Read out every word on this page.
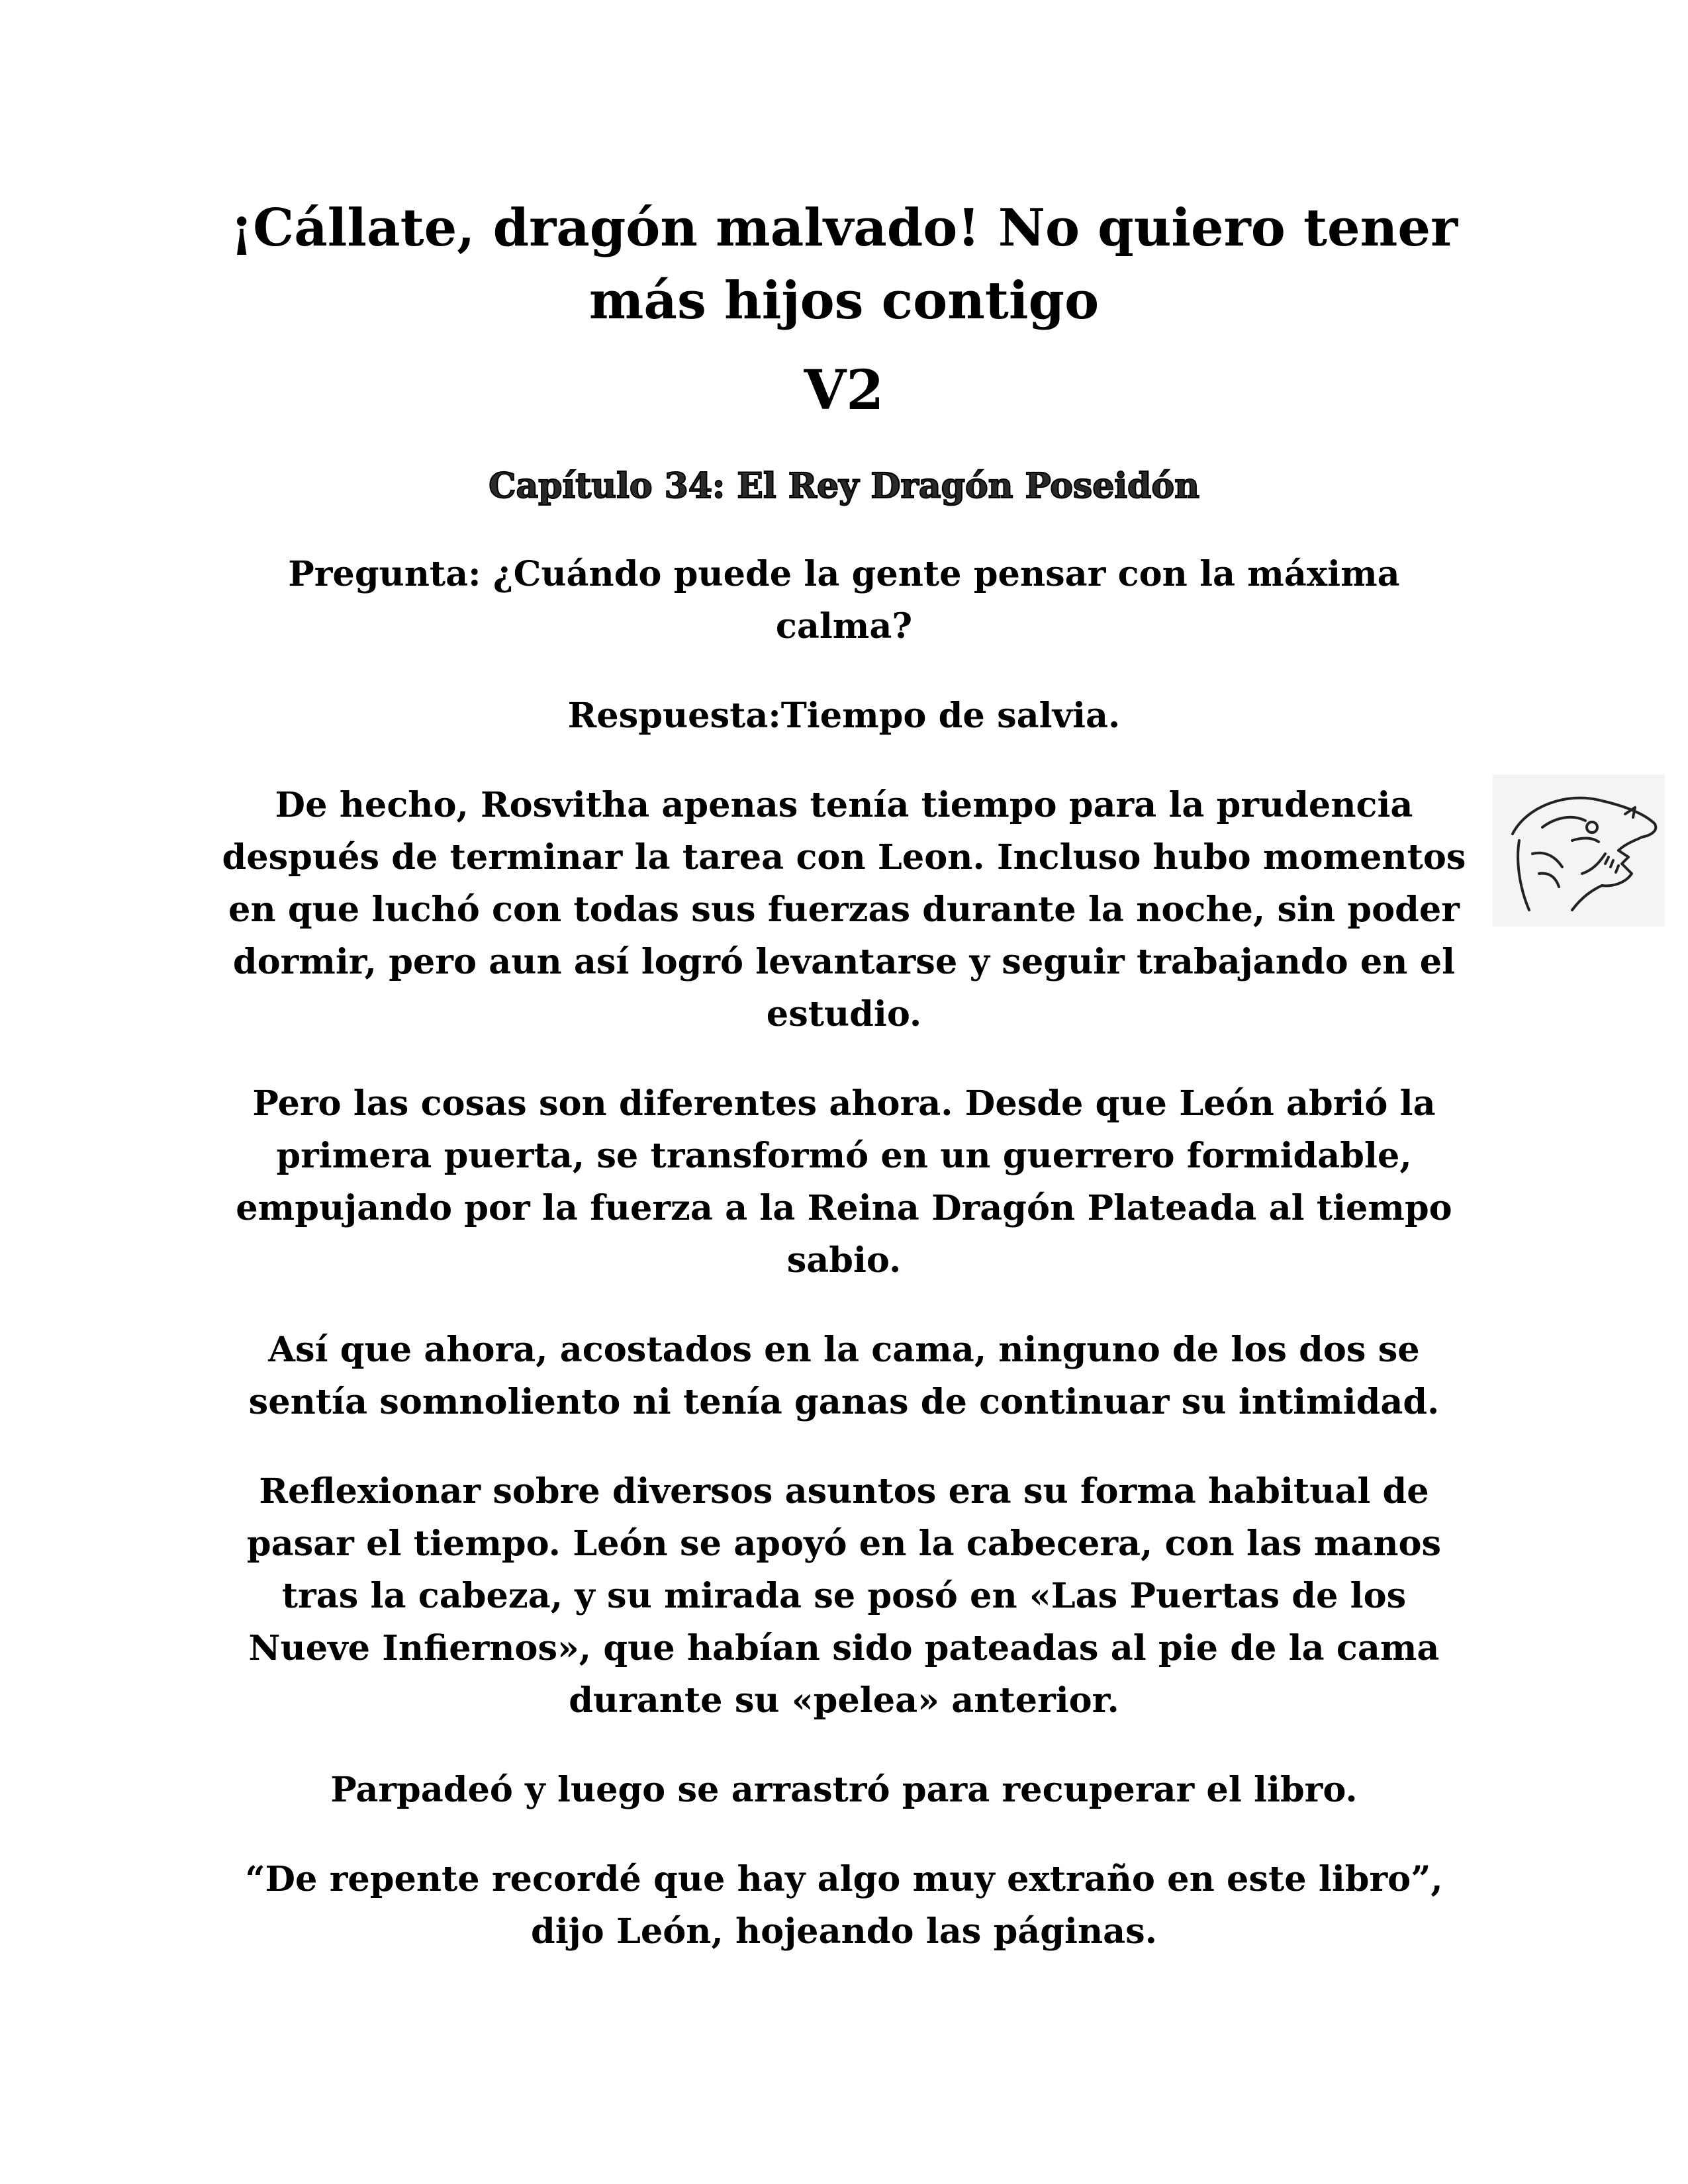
¡Cállate, dragón malvado! No quiero tener más hijos contigo
V2
Capítulo 34: El Rey Dragón Poseidón

Pregunta: ¿Cuándo puede la gente pensar con la máxima calma?

Respuesta:Tiempo de salvia.

De hecho, Rosvitha apenas tenía tiempo para la prudencia después de terminar la tarea con Leon. Incluso hubo momentos en que luchó con todas sus fuerzas durante la noche, sin poder dormir, pero aun así logró levantarse y seguir trabajando en el estudio.

Pero las cosas son diferentes ahora. Desde que León abrió la primera puerta, se transformó en un guerrero formidable, empujando por la fuerza a la Reina Dragón Plateada al tiempo sabio.

Así que ahora, acostados en la cama, ninguno de los dos se sentía somnoliento ni tenía ganas de continuar su intimidad.

Reflexionar sobre diversos asuntos era su forma habitual de pasar el tiempo. León se apoyó en la cabecera, con las manos tras la cabeza, y su mirada se posó en «Las Puertas de los Nueve Infiernos», que habían sido pateadas al pie de la cama durante su «pelea» anterior.

Parpadeó y luego se arrastró para recuperar el libro.

“De repente recordé que hay algo muy extraño en este libro”, dijo León, hojeando las páginas.
